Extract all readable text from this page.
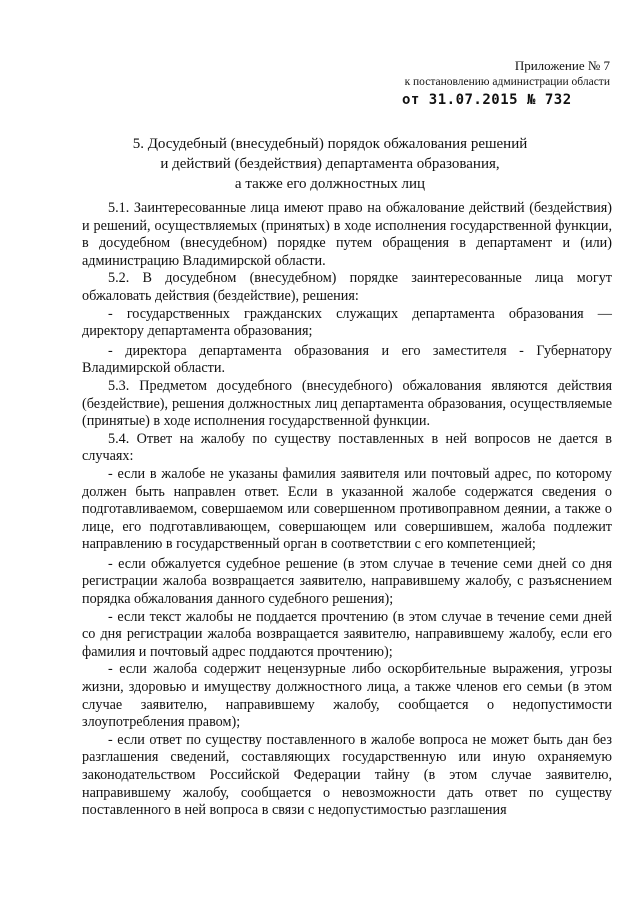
Приложение № 7
к постановлению администрации области
от 31.07.2015 № 732
5. Досудебный (внесудебный) порядок обжалования решений
и действий (бездействия) департамента образования,
а также его должностных лиц

5.1. Заинтересованные лица имеют право на обжалование действий (бездействия) и решений, осуществляемых (принятых) в ходе исполнения государственной функции, в досудебном (внесудебном) порядке путем обращения в департамент и (или) администрацию Владимирской области.

5.2. В досудебном (внесудебном) порядке заинтересованные лица могут обжаловать действия (бездействие), решения:

- государственных гражданских служащих департамента образования — директору департамента образования;

- директора департамента образования и его заместителя - Губернатору Владимирской области.

5.3. Предметом досудебного (внесудебного) обжалования являются действия (бездействие), решения должностных лиц департамента образования, осуществляемые (принятые) в ходе исполнения государственной функции.

5.4. Ответ на жалобу по существу поставленных в ней вопросов не дается в случаях:

- если в жалобе не указаны фамилия заявителя или почтовый адрес, по которому должен быть направлен ответ. Если в указанной жалобе содержатся сведения о подготавливаемом, совершаемом или совершенном противоправном деянии, а также о лице, его подготавливающем, совершающем или совершившем, жалоба подлежит направлению в государственный орган в соответствии с его компетенцией;

- если обжалуется судебное решение (в этом случае в течение семи дней со дня регистрации жалоба возвращается заявителю, направившему жалобу, с разъяснением порядка обжалования данного судебного решения);

- если текст жалобы не поддается прочтению (в этом случае в течение семи дней со дня регистрации жалоба возвращается заявителю, направившему жалобу, если его фамилия и почтовый адрес поддаются прочтению);

- если жалоба содержит нецензурные либо оскорбительные выражения, угрозы жизни, здоровью и имуществу должностного лица, а также членов его семьи (в этом случае заявителю, направившему жалобу, сообщается о недопустимости злоупотребления правом);

- если ответ по существу поставленного в жалобе вопроса не может быть дан без разглашения сведений, составляющих государственную или иную охраняемую законодательством Российской Федерации тайну (в этом случае заявителю, направившему жалобу, сообщается о невозможности дать ответ по существу поставленного в ней вопроса в связи с недопустимостью разглашения
